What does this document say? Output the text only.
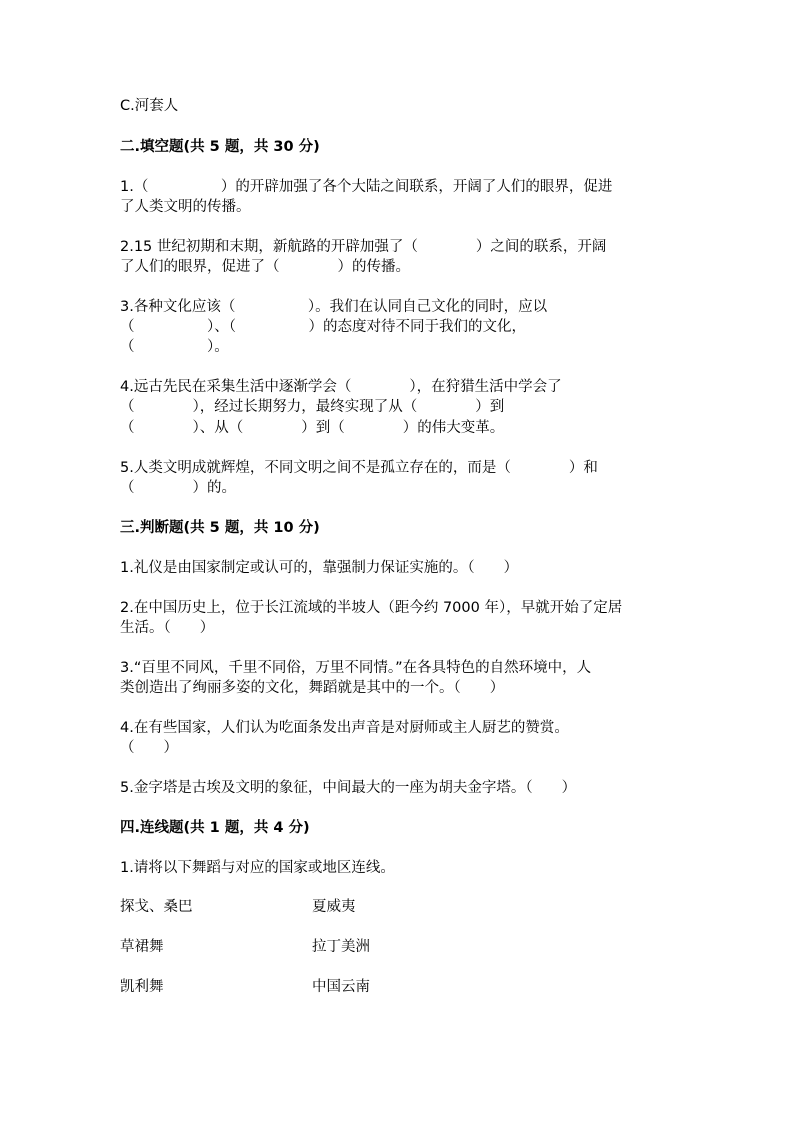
C.河套人
二.填空题(共 5 题，共 30 分)
1.（　　　　　）的开辟加强了各个大陆之间联系，开阔了人们的眼界，促进
了人类文明的传播。
2.15 世纪初期和末期，新航路的开辟加强了（　　　　）之间的联系，开阔
了人们的眼界，促进了（　　　　）的传播。
3.各种文化应该（　　　　　）。我们在认同自己文化的同时，应以
（　　　　　）、（　　　　　）的态度对待不同于我们的文化，
（　　　　　）。
4.远古先民在采集生活中逐渐学会（　　　　），在狩猎生活中学会了
（　　　　），经过长期努力，最终实现了从（　　　　）到
（　　　　）、从（　　　　）到（　　　　）的伟大变革。
5.人类文明成就辉煌，不同文明之间不是孤立存在的，而是（　　　　）和
（　　　　）的。
三.判断题(共 5 题，共 10 分)
1.礼仪是由国家制定或认可的，靠强制力保证实施的。（　　）
2.在中国历史上，位于长江流域的半坡人（距今约 7000 年），早就开始了定居
生活。（　　）
3.“百里不同风，千里不同俗，万里不同情。”在各具特色的自然环境中，人
类创造出了绚丽多姿的文化，舞蹈就是其中的一个。（　　）
4.在有些国家，人们认为吃面条发出声音是对厨师或主人厨艺的赞赏。
（　　）
5.金字塔是古埃及文明的象征，中间最大的一座为胡夫金字塔。（　　）
四.连线题(共 1 题，共 4 分)
1.请将以下舞蹈与对应的国家或地区连线。
探戈、桑巴	夏威夷
草裙舞	拉丁美洲
凯利舞	中国云南
